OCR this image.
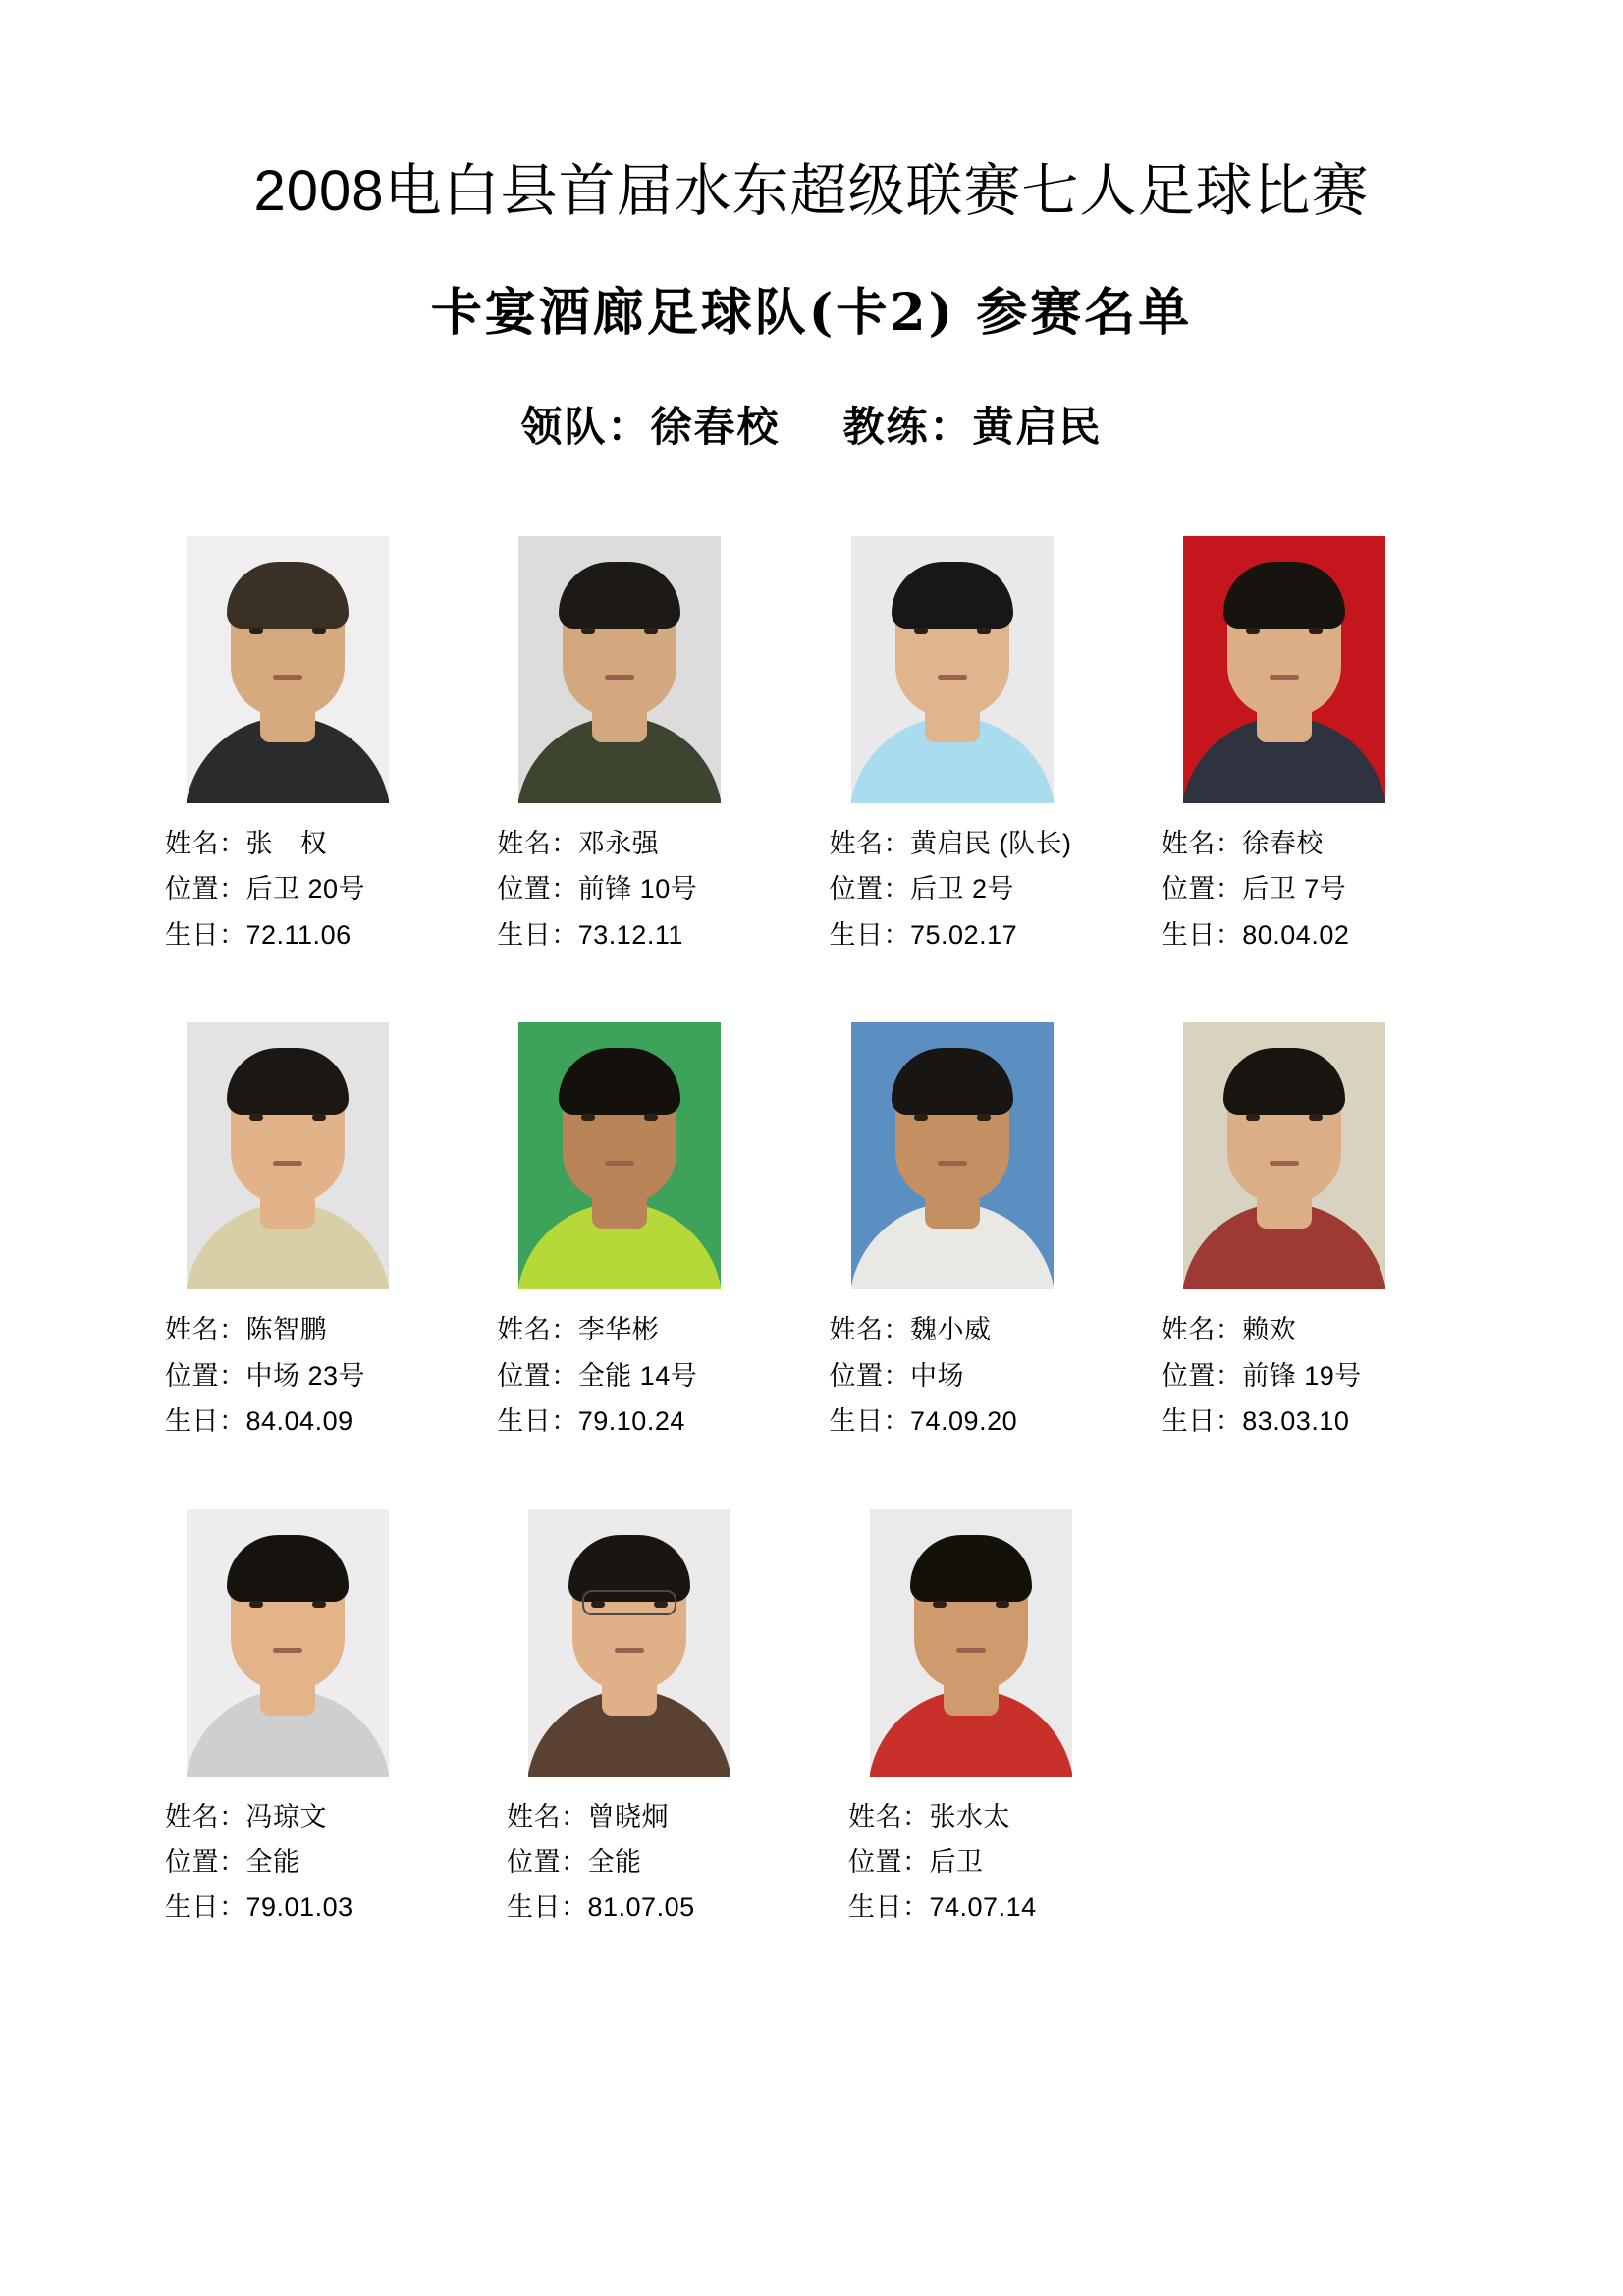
2008电白县首届水东超级联赛七人足球比赛
卡宴酒廊足球队(卡2) 参赛名单
领队：徐春校 教练：黄启民
姓名：张　权
位置：后卫 20号
生日：72.11.06
姓名：邓永强
位置：前锋 10号
生日：73.12.11
姓名：黄启民 (队长)
位置：后卫 2号
生日：75.02.17
姓名：徐春校
位置：后卫 7号
生日：80.04.02
姓名：陈智鹏
位置：中场 23号
生日：84.04.09
姓名：李华彬
位置：全能 14号
生日：79.10.24
姓名：魏小威
位置：中场
生日：74.09.20
姓名：赖欢
位置：前锋 19号
生日：83.03.10
姓名：冯琼文
位置：全能
生日：79.01.03
姓名：曾晓炯
位置：全能
生日：81.07.05
姓名：张水太
位置：后卫
生日：74.07.14
